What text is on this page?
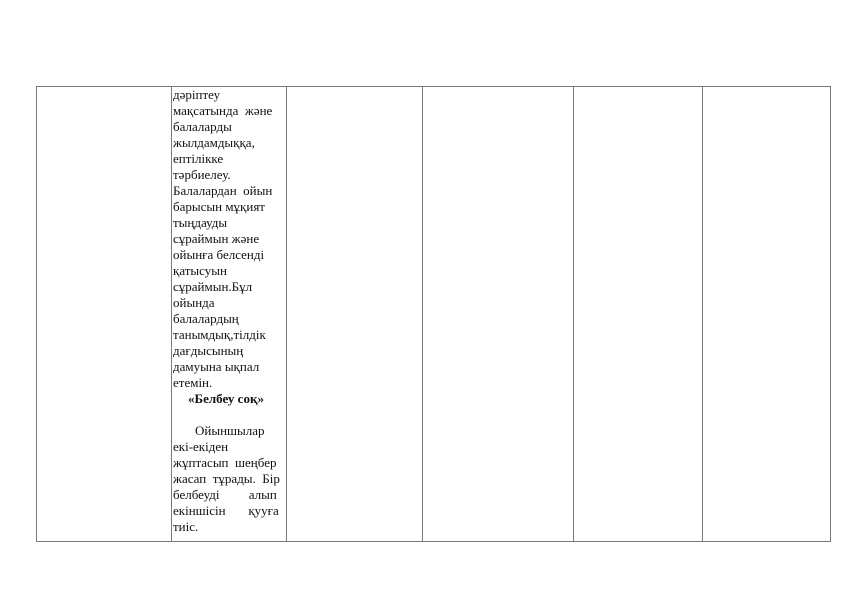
дәріптеу
мақсатында  және
балаларды
жылдамдыққа,
ептілікке
тәрбиелеу.
Балалардан  ойын
барысын мұқият
тыңдауды
сұраймын және
ойынға белсенді
қатысуын
сұраймын.Бұл
ойында
балалардың
танымдық,тілдік
дағдысының
дамуына ықпал
етемін.
«Белбеу соқ»
Ойыншылар
екі-екіден
жұптасып  шеңбер
жасап  тұрады.  Бір
белбеуді         алып
екіншісін       қууға
тиіс.
